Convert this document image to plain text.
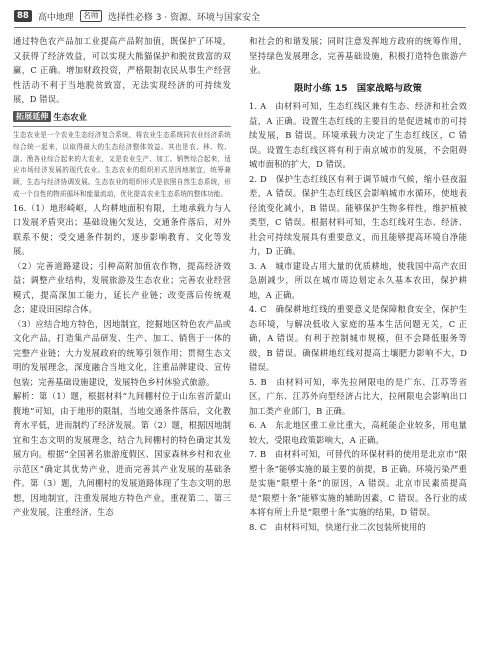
88	高中地理	名师	选择性必修 3 · 资源、环境与国家安全

通过特色农产品加工业提高产品附加值，既保护了环境，又获得了经济效益，可以实现大熊猫保护和脱贫致富的双赢，C 正确。增加财政投资，严格限制农民从事生产经营性活动不利于当地脱贫致富，无法实现经济的可持续发展，D 错误。

拓展延伸 生态农业

生态农业是一个农业生态经济复合系统，将农业生态系统同农业经济系统综合统一起来，以取得最大的生态经济整体效益。其也是农、林、牧、副、渔各业综合起来的大农业，又是农业生产、加工、销售综合起来，适应市场经济发展的现代农业。生态农业的组织形式是因地制宜，统筹兼顾，生态与经济协调发展。生态农业的组织形式是依照自然生态系统，形成一个良性的物质循环和能量流动，优化提高农业生态系统的整体功能。

16.（1）地形崎岖，人均耕地面积有限，土地承载力与人口发展矛盾突出；基础设施欠发达，交通条件落后，对外联系不便；受交通条件制约，逐步影响教育、文化等发展。

（2）完善道路建设；引种高附加值农作物，提高经济效益；调整产业结构，发展旅游及生态农业；完善农业经营模式，提高深加工能力，延长产业链；改变落后传统观念；建设田园综合体。

（3）应结合地方特色，因地制宜，挖掘地区特色农产品或文化产品，打造集产品研发、生产、加工、销售于一体的完整产业链；大力发展政府的统筹引领作用；贯彻生态文明的发展理念，深度融合当地文化，注重品牌建设、宣传包装；完善基础设施建设，发展特色乡村休验式旅游。

解析：第（1）题，根据材料“九间棚村位于山东省沂蒙山腹地”可知，由于地形的限制，当地交通条件落后，文化教育水平低，进而制约了经济发展。第（2）题，根据因地制宜和生态文明的发展理念，结合九间棚村的特色确定其发展方向。根据“全国著名旅游度假区、国家森林乡村和农业示范区”确定其优势产业，进而完善其产业发展的基础条件。第（3）题，九间棚村的发展道路体现了生态文明的思想，因地制宜，注重发展地方特色产业，重视第二、第三产业发展，注重经济、生态

和社会的和谐发展；同时注意发挥地方政府的统筹作用，坚持绿色发展理念，完善基础设施，积极打造特色旅游产业。

限时小练 15　国家战略与政策

1. A　由材料可知，生态红线区兼有生态、经济和社会效益，A 正确。设置生态红线的主要目的是促进城市的可持续发展，B 错误。环境承载力决定了生态红线区，C 错误。设置生态红线区将有利于南京城市的发展，不会阻碍城市面积的扩大，D 错误。

2. D　保护生态红线区有利于调节城市气候，缩小昼夜温差，A 错误。保护生态红线区会影响城市水循环，使地表径流变化减小，B 错误。能够保护生物多样性，维护植被类型，C 错误。根据材料可知，生态红线对生态、经济、社会可持续发展具有重要意义，而且能够提高环境自净能力，D 正确。

3. A　城市建设占用大量的优质耕地，使我国中高产农田急剧减少，所以在城市周边划定永久基本农田，保护耕地，A 正确。

4. C　确保耕地红线的重要意义是保障粮食安全，保护生态环境，与解决低收入家庭的基本生活问题无关，C 正确，A 错误。有利于控制城市规模，但不会降低服务等级，B 错误。确保耕地红线对提高土壤肥力影响不大，D 错误。

5. B　由材料可知，率先拉闸限电的是广东、江苏等省区，广东、江苏外向型经济占比大，拉闸限电会影响出口加工类产业部门，B 正确。

6. A　东北地区重工业比重大，高耗能企业较多，用电量较大，受限电政策影响大，A 正确。

7. B　由材料可知，可替代的环保材料的使用是北京市“限塑十条”能够实施的最主要的前提，B 正确。环境污染严重是实施“限塑十条”的原因，A 错误。北京市民素质提高是“限塑十条”能够实施的辅助因素，C 错误。各行业的成本将有所上升是“限塑十条”实施的结果，D 错误。

8. C　由材料可知，快递行业二次包装所使用的
